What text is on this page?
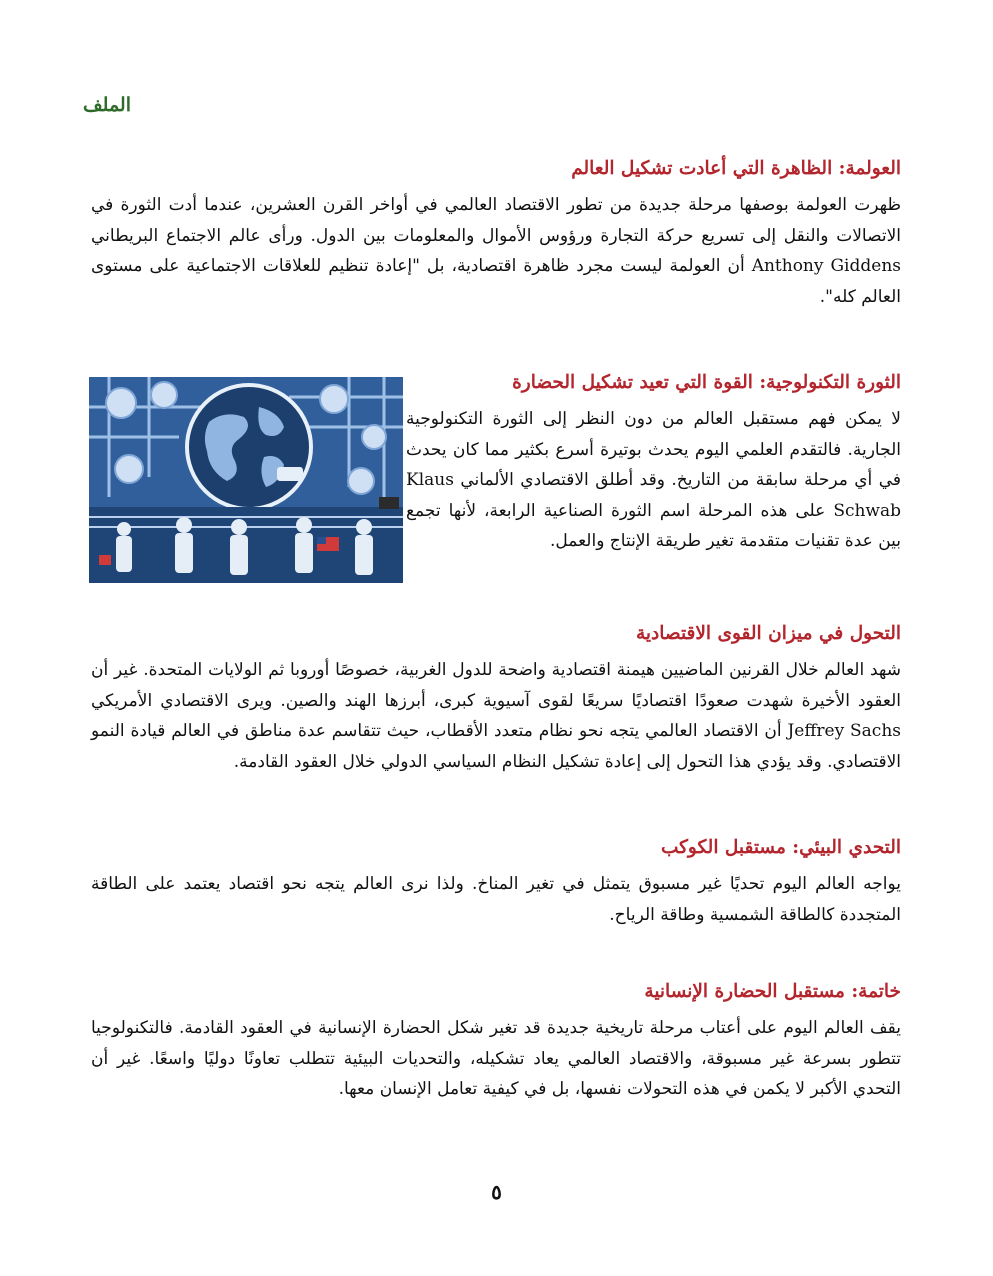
الملف
العولمة: الظاهرة التي أعادت تشكيل العالم

ظهرت العولمة بوصفها مرحلة جديدة من تطور الاقتصاد العالمي في أواخر القرن العشرين، عندما أدت الثورة في الاتصالات والنقل إلى تسريع حركة التجارة ورؤوس الأموال والمعلومات بين الدول. ورأى عالم الاجتماع البريطاني Anthony Giddens أن العولمة ليست مجرد ظاهرة اقتصادية، بل "إعادة تنظيم للعلاقات الاجتماعية على مستوى العالم كله".

الثورة التكنولوجية: القوة التي تعيد تشكيل الحضارة

لا يمكن فهم مستقبل العالم من دون النظر إلى الثورة التكنولوجية الجارية. فالتقدم العلمي اليوم يحدث بوتيرة أسرع بكثير مما كان يحدث في أي مرحلة سابقة من التاريخ. وقد أطلق الاقتصادي الألماني Klaus Schwab على هذه المرحلة اسم الثورة الصناعية الرابعة، لأنها تجمع بين عدة تقنيات متقدمة تغير طريقة الإنتاج والعمل.

التحول في ميزان القوى الاقتصادية

شهد العالم خلال القرنين الماضيين هيمنة اقتصادية واضحة للدول الغربية، خصوصًا أوروبا ثم الولايات المتحدة. غير أن العقود الأخيرة شهدت صعودًا اقتصاديًا سريعًا لقوى آسيوية كبرى، أبرزها الهند والصين. ويرى الاقتصادي الأمريكي Jeffrey Sachs أن الاقتصاد العالمي يتجه نحو نظام متعدد الأقطاب، حيث تتقاسم عدة مناطق في العالم قيادة النمو الاقتصادي. وقد يؤدي هذا التحول إلى إعادة تشكيل النظام السياسي الدولي خلال العقود القادمة.

التحدي البيئي: مستقبل الكوكب

يواجه العالم اليوم تحديًا غير مسبوق يتمثل في تغير المناخ. ولذا نرى العالم يتجه نحو اقتصاد يعتمد على الطاقة المتجددة كالطاقة الشمسية وطاقة الرياح.

خاتمة: مستقبل الحضارة الإنسانية

يقف العالم اليوم على أعتاب مرحلة تاريخية جديدة قد تغير شكل الحضارة الإنسانية في العقود القادمة. فالتكنولوجيا تتطور بسرعة غير مسبوقة، والاقتصاد العالمي يعاد تشكيله، والتحديات البيئية تتطلب تعاونًا دوليًا واسعًا. غير أن التحدي الأكبر لا يكمن في هذه التحولات نفسها، بل في كيفية تعامل الإنسان معها.

٥
